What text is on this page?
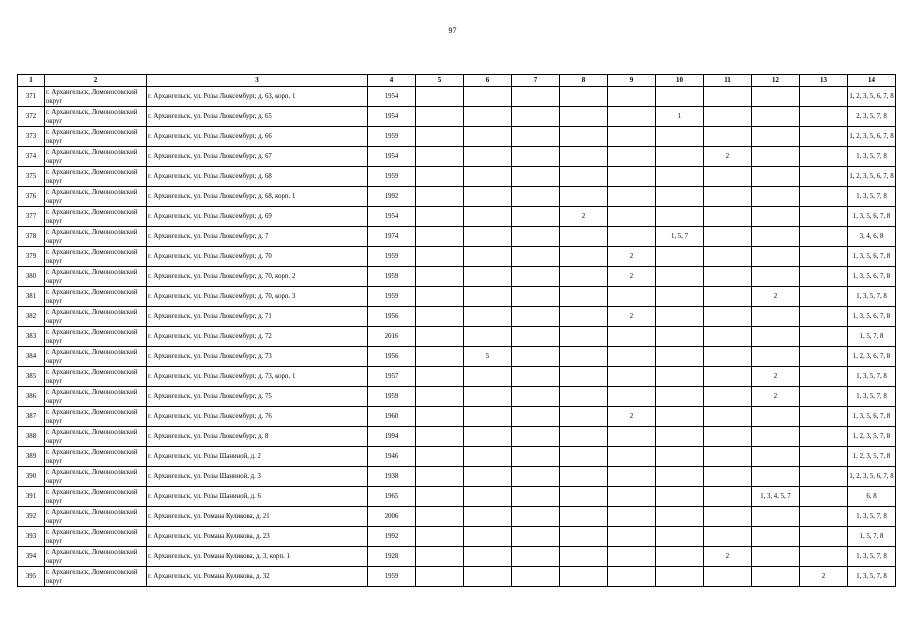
97
1	2	3	4	5	6	7	8	9	10	11	12	13	14
371	г. Архангельск, Ломоносовский округ	г. Архангельск, ул. Розы Люксембург, д. 63, корп. 1	1954										1, 2, 3, 5, 6, 7, 8
372	г. Архангельск, Ломоносовский округ	г. Архангельск, ул. Розы Люксембург, д. 65	1954						1				2, 3, 5, 7, 8
373	г. Архангельск, Ломоносовский округ	г. Архангельск, ул. Розы Люксембург, д. 66	1959										1, 2, 3, 5, 6, 7, 8
374	г. Архангельск, Ломоносовский округ	г. Архангельск, ул. Розы Люксембург, д. 67	1954							2			1, 3, 5, 7, 8
375	г. Архангельск, Ломоносовский округ	г. Архангельск, ул. Розы Люксембург, д. 68	1959										1, 2, 3, 5, 6, 7, 8
376	г. Архангельск, Ломоносовский округ	г. Архангельск, ул. Розы Люксембург, д. 68, корп. 1	1992										1, 3, 5, 7, 8
377	г. Архангельск, Ломоносовский округ	г. Архангельск, ул. Розы Люксембург, д. 69	1954				2						1, 3, 5, 6, 7, 8
378	г. Архангельск, Ломоносовский округ	г. Архангельск, ул. Розы Люксембург, д. 7	1974						1, 5, 7				3, 4, 6, 8
379	г. Архангельск, Ломоносовский округ	г. Архангельск, ул. Розы Люксембург, д. 70	1959					2					1, 3, 5, 6, 7, 8
380	г. Архангельск, Ломоносовский округ	г. Архангельск, ул. Розы Люксембург, д. 70, корп. 2	1959					2					1, 3, 5, 6, 7, 8
381	г. Архангельск, Ломоносовский округ	г. Архангельск, ул. Розы Люксембург, д. 70, корп. 3	1959								2		1, 3, 5, 7, 8
382	г. Архангельск, Ломоносовский округ	г. Архангельск, ул. Розы Люксембург, д. 71	1956					2					1, 3, 5, 6, 7, 8
383	г. Архангельск, Ломоносовский округ	г. Архангельск, ул. Розы Люксембург, д. 72	2016										1, 5, 7, 8
384	г. Архангельск, Ломоносовский округ	г. Архангельск, ул. Розы Люксембург, д. 73	1956		5								1, 2, 3, 6, 7, 8
385	г. Архангельск, Ломоносовский округ	г. Архангельск, ул. Розы Люксембург, д. 73, корп. 1	1957								2		1, 3, 5, 7, 8
386	г. Архангельск, Ломоносовский округ	г. Архангельск, ул. Розы Люксембург, д. 75	1959								2		1, 3, 5, 7, 8
387	г. Архангельск, Ломоносовский округ	г. Архангельск, ул. Розы Люксембург, д. 76	1960					2					1, 3, 5, 6, 7, 8
388	г. Архангельск, Ломоносовский округ	г. Архангельск, ул. Розы Люксембург, д. 8	1994										1, 2, 3, 5, 7, 8
389	г. Архангельск, Ломоносовский округ	г. Архангельск, ул. Розы Шаниной, д. 2	1946										1, 2, 3, 5, 7, 8
390	г. Архангельск, Ломоносовский округ	г. Архангельск, ул. Розы Шаниной, д. 3	1938										1, 2, 3, 5, 6, 7, 8
391	г. Архангельск, Ломоносовский округ	г. Архангельск, ул. Розы Шаниной, д. 6	1965								1, 3, 4, 5, 7		6, 8
392	г. Архангельск, Ломоносовский округ	г. Архангельск, ул. Романа Куликова, д. 21	2006										1, 3, 5, 7, 8
393	г. Архангельск, Ломоносовский округ	г. Архангельск, ул. Романа Куликова, д. 23	1992										1, 5, 7, 8
394	г. Архангельск, Ломоносовский округ	г. Архангельск, ул. Романа Куликова, д. 3, корп. 1	1928							2			1, 3, 5, 7, 8
395	г. Архангельск, Ломоносовский округ	г. Архангельск, ул. Романа Куликова, д. 32	1959									2	1, 3, 5, 7, 8
